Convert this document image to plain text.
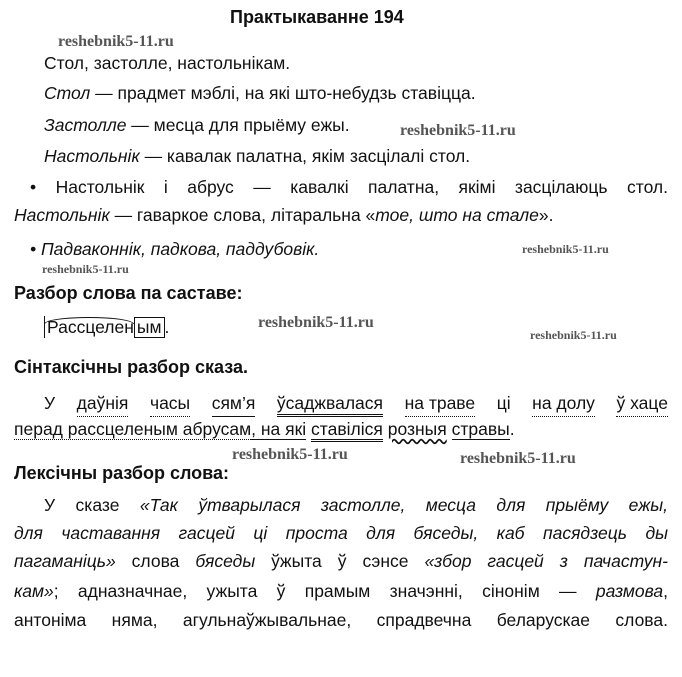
reshebnik5-11.ru
reshebnik5-11.ru
reshebnik5-11.ru
reshebnik5-11.ru
reshebnik5-11.ru
reshebnik5-11.ru
reshebnik5-11.ru	reshebnik5-11.ru
Практыкаванне 194
Стол, застолле, настольнікам.
Стол — прадмет мэблі, на які што-небудзь ставіцца.
Застолле — месца для прыёму ежы.
Настольнік — кавалак палатна, якім засцілалі стол.
• Настольнік і абрус — кавалкі палатна, якімі засцілаюць стол.
Настольнік — гаваркое слова, літаральна «тое, што на стале».
• Падваконнік, падкова, паддубовік.
Разбор слова па саставе:
Рассцелен ым .
Сінтаксічны разбор сказа.
У даўнія часы сям’я ўсаджвалася на траве ці на долу ў хаце
перад рассцеленым абрусам, на які ставіліся розныя стравы.
Лексічны разбор слова:
У сказе «Так ўтварылася застолле, месца для прыёму ежы,
для частавання гасцей ці проста для бяседы, каб пасядзець ды
пагаманіць» слова бяседы ўжыта ў сэнсе «збор гасцей з пачастун-
кам»; адназначнае, ужыта ў прамым значэнні, сінонім — размова,
антоніма няма, агульнаўжывальнае, спрадвечна беларускае слова.
